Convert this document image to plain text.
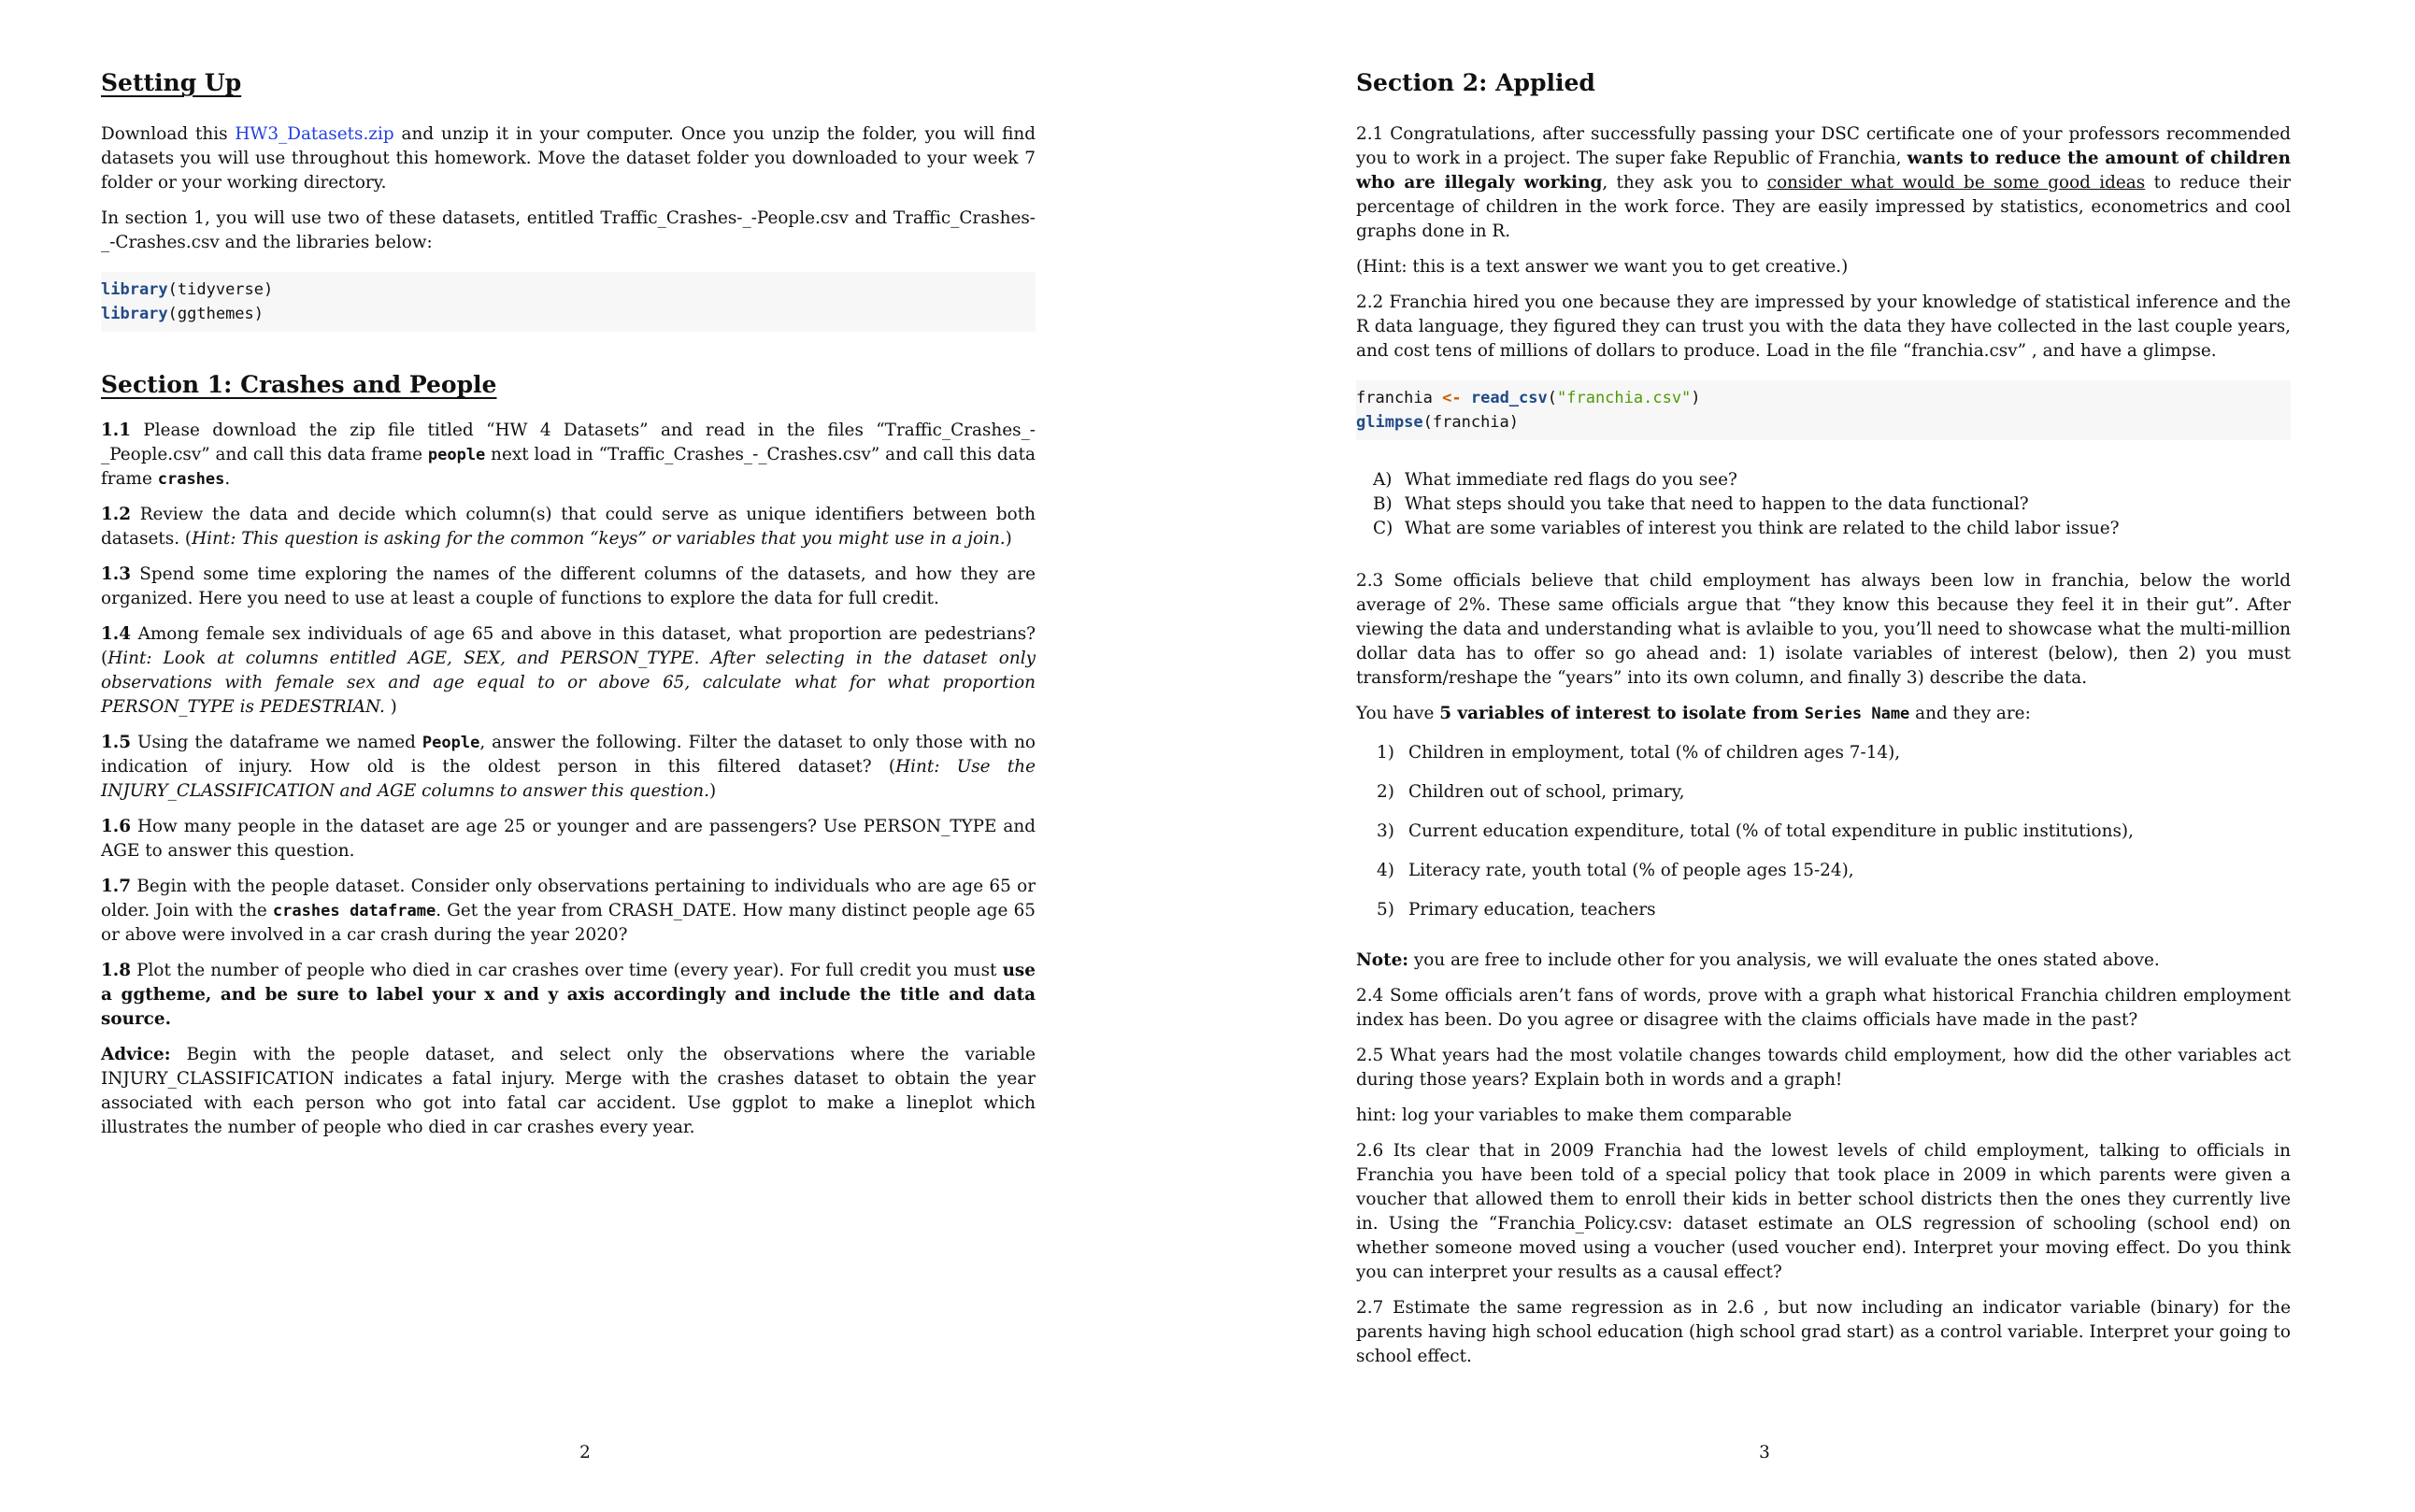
Setting Up

Download this HW3_Datasets.zip and unzip it in your computer. Once you unzip the folder, you will find datasets you will use throughout this homework. Move the dataset folder you downloaded to your week 7 folder or your working directory.

In section 1, you will use two of these datasets, entitled Traffic_Crashes-_-People.csv and Traffic_Crashes-_-Crashes.csv and the libraries below:

library(tidyverse)
library(ggthemes)
Section 1: Crashes and People

1.1 Please download the zip file titled “HW 4 Datasets” and read in the files “Traffic_Crashes_-_People.csv” and call this data frame people next load in “Traffic_Crashes_-_Crashes.csv” and call this data frame crashes.

1.2 Review the data and decide which column(s) that could serve as unique identifiers between both datasets. (Hint: This question is asking for the common “keys” or variables that you might use in a join.)

1.3 Spend some time exploring the names of the different columns of the datasets, and how they are organized. Here you need to use at least a couple of functions to explore the data for full credit.

1.4 Among female sex individuals of age 65 and above in this dataset, what proportion are pedestrians? (Hint: Look at columns entitled AGE, SEX, and PERSON_TYPE. After selecting in the dataset only observations with female sex and age equal to or above 65, calculate what for what proportion PERSON_TYPE is PEDESTRIAN. )

1.5 Using the dataframe we named People, answer the following. Filter the dataset to only those with no indication of injury. How old is the oldest person in this filtered dataset? (Hint: Use the INJURY_CLASSIFICATION and AGE columns to answer this question.)

1.6 How many people in the dataset are age 25 or younger and are passengers? Use PERSON_TYPE and AGE to answer this question.

1.7 Begin with the people dataset. Consider only observations pertaining to individuals who are age 65 or older. Join with the crashes dataframe. Get the year from CRASH_DATE. How many distinct people age 65 or above were involved in a car crash during the year 2020?

1.8 Plot the number of people who died in car crashes over time (every year). For full credit you must use a ggtheme, and be sure to label your x and y axis accordingly and include the title and data source.

Advice: Begin with the people dataset, and select only the observations where the variable INJURY_CLASSIFICATION indicates a fatal injury. Merge with the crashes dataset to obtain the year associated with each person who got into fatal car accident. Use ggplot to make a lineplot which illustrates the number of people who died in car crashes every year.

2
Section 2: Applied

2.1 Congratulations, after successfully passing your DSC certificate one of your professors recommended you to work in a project. The super fake Republic of Franchia, wants to reduce the amount of children who are illegaly working, they ask you to consider what would be some good ideas to reduce their percentage of children in the work force. They are easily impressed by statistics, econometrics and cool graphs done in R.

(Hint: this is a text answer we want you to get creative.)

2.2 Franchia hired you one because they are impressed by your knowledge of statistical inference and the R data language, they figured they can trust you with the data they have collected in the last couple years, and cost tens of millions of dollars to produce. Load in the file “franchia.csv” , and have a glimpse.

franchia <- read_csv("franchia.csv")
glimpse(franchia)
A) What immediate red flags do you see?
B) What steps should you take that need to happen to the data functional?
C) What are some variables of interest you think are related to the child labor issue?

2.3 Some officials believe that child employment has always been low in franchia, below the world average of 2%. These same officials argue that “they know this because they feel it in their gut”. After viewing the data and understanding what is avlaible to you, you’ll need to showcase what the multi-million dollar data has to offer so go ahead and: 1) isolate variables of interest (below), then 2) you must transform/reshape the “years” into its own column, and finally 3) describe the data.

You have 5 variables of interest to isolate from Series Name and they are:

1) Children in employment, total (% of children ages 7-14),
2) Children out of school, primary,
3) Current education expenditure, total (% of total expenditure in public institutions),
4) Literacy rate, youth total (% of people ages 15-24),
5) Primary education, teachers

Note: you are free to include other for you analysis, we will evaluate the ones stated above.

2.4 Some officials aren’t fans of words, prove with a graph what historical Franchia children employment index has been. Do you agree or disagree with the claims officials have made in the past?

2.5 What years had the most volatile changes towards child employment, how did the other variables act during those years? Explain both in words and a graph!

hint: log your variables to make them comparable

2.6 Its clear that in 2009 Franchia had the lowest levels of child employment, talking to officials in Franchia you have been told of a special policy that took place in 2009 in which parents were given a voucher that allowed them to enroll their kids in better school districts then the ones they currently live in. Using the “Franchia_Policy.csv: dataset estimate an OLS regression of schooling (school end) on whether someone moved using a voucher (used voucher end). Interpret your moving effect. Do you think you can interpret your results as a causal effect?

2.7 Estimate the same regression as in 2.6 , but now including an indicator variable (binary) for the parents having high school education (high school grad start) as a control variable. Interpret your going to school effect.

3
